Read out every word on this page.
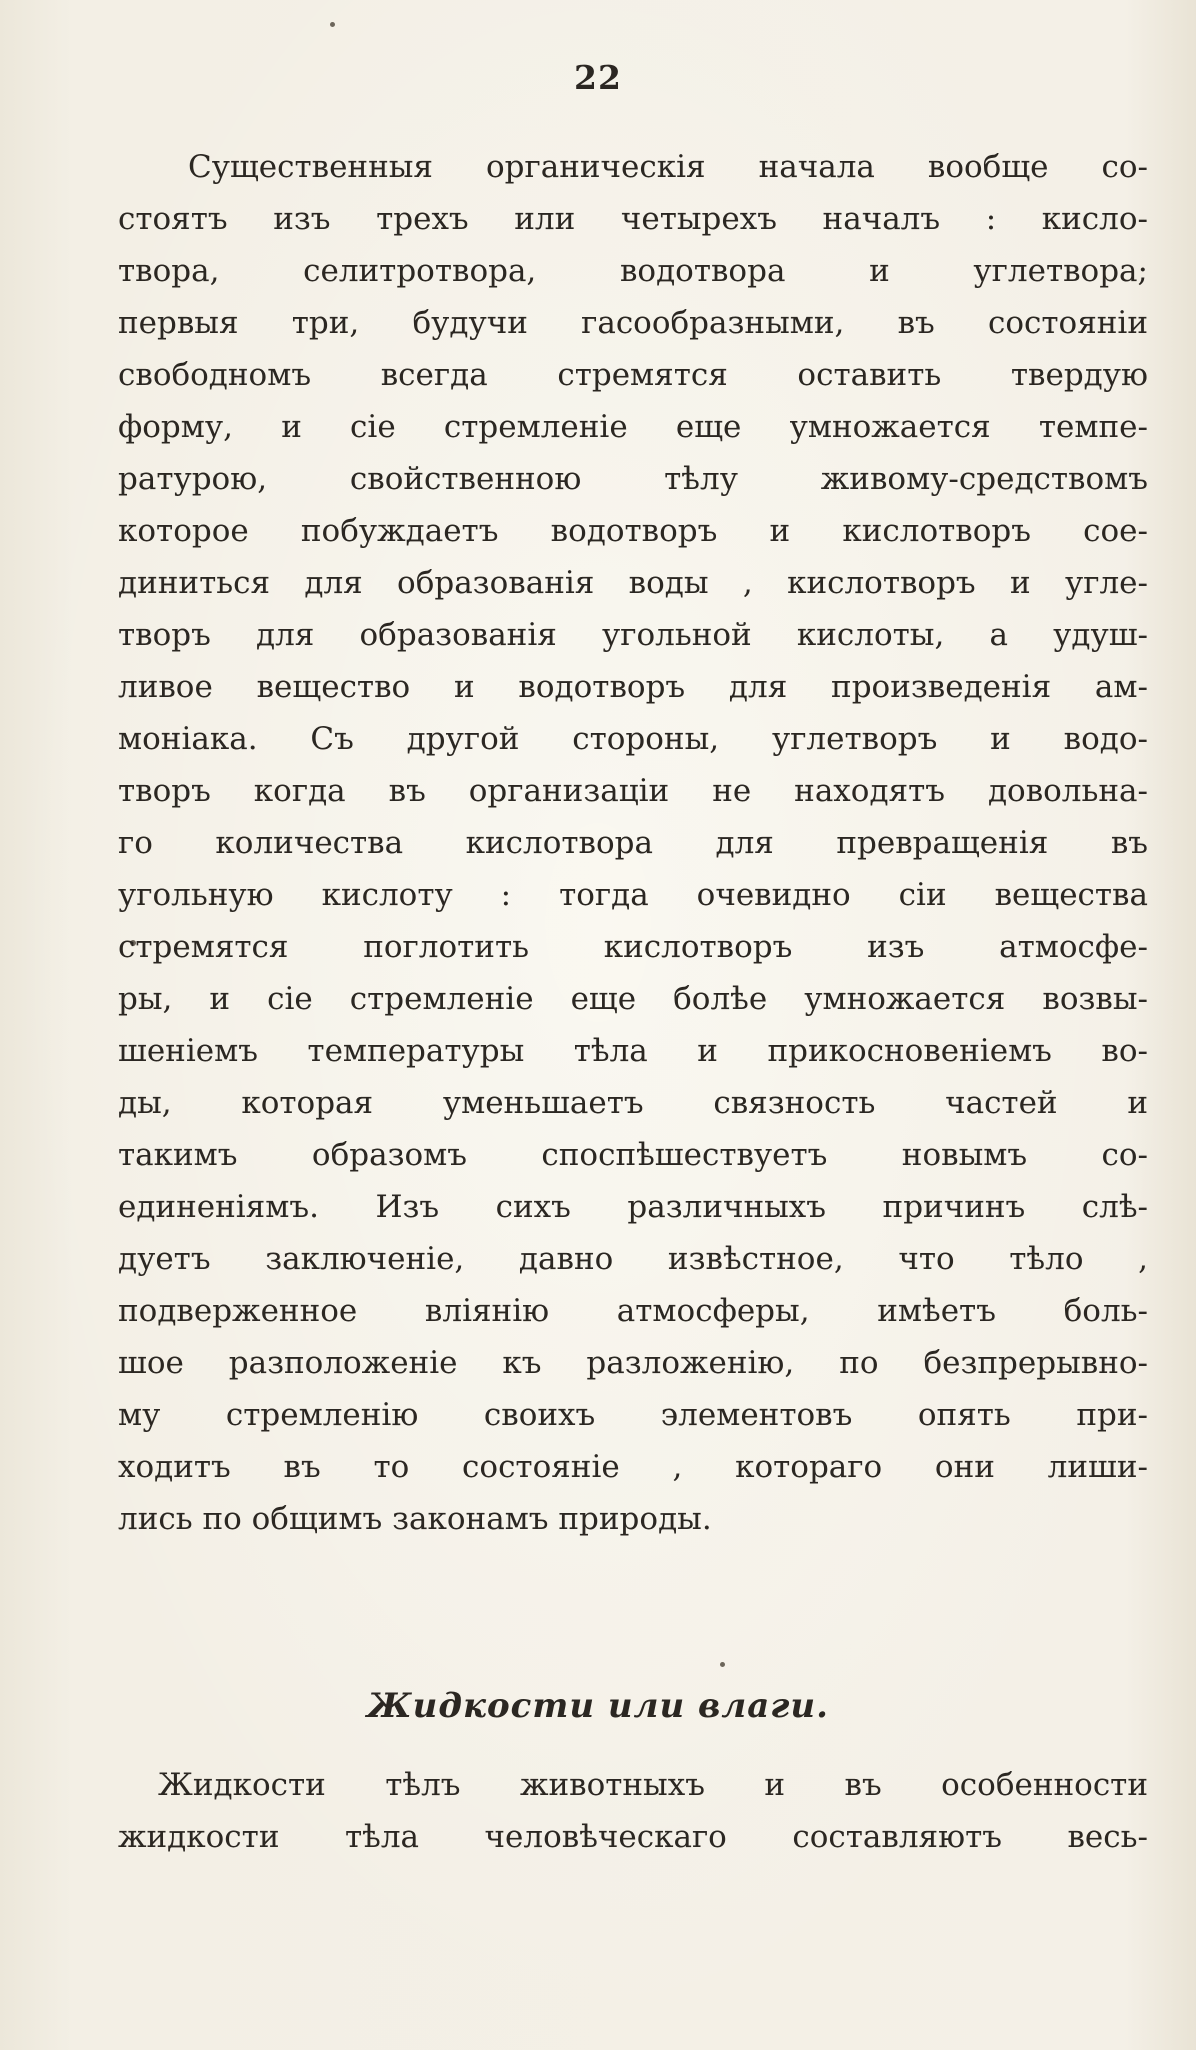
22
Существенныя органическія начала вообще со-
стоятъ изъ трехъ или четырехъ началъ : кисло-
твора, селитротвора, водотвора и углетвора;
первыя три, будучи гасообразными, въ состояніи
свободномъ всегда стремятся оставить твердую
форму, и сіе стремленіе еще умножается темпе-
ратурою, свойственною тѣлу живому-средствомъ
которое побуждаетъ водотворъ и кислотворъ сое-
диниться для образованія воды , кислотворъ и угле-
творъ для образованія угольной кислоты, а удуш-
ливое вещество и водотворъ для произведенія ам-
моніака. Съ другой стороны, углетворъ и водо-
творъ когда въ организаціи не находятъ довольна-
го количества кислотвора для превращенія въ
угольную кислоту : тогда очевидно сіи вещества
стремятся поглотить кислотворъ изъ атмосфе-
ры, и сіе стремленіе еще болѣе умножается возвы-
шеніемъ температуры тѣла и прикосновеніемъ во-
ды, которая уменьшаетъ связность частей и
такимъ образомъ споспѣшествуетъ новымъ со-
единеніямъ. Изъ сихъ различныхъ причинъ слѣ-
дуетъ заключеніе, давно извѣстное, что тѣло ,
подверженное вліянію атмосферы, имѣетъ боль-
шое разположеніе къ разложенію, по безпрерывно-
му стремленію своихъ элементовъ опять при-
ходитъ въ то состояніе , котораго они лиши-
лись по общимъ законамъ природы.
Жидкости или влаги.
Жидкости тѣлъ животныхъ и въ особенности
жидкости тѣла человѣческаго составляютъ весь-
